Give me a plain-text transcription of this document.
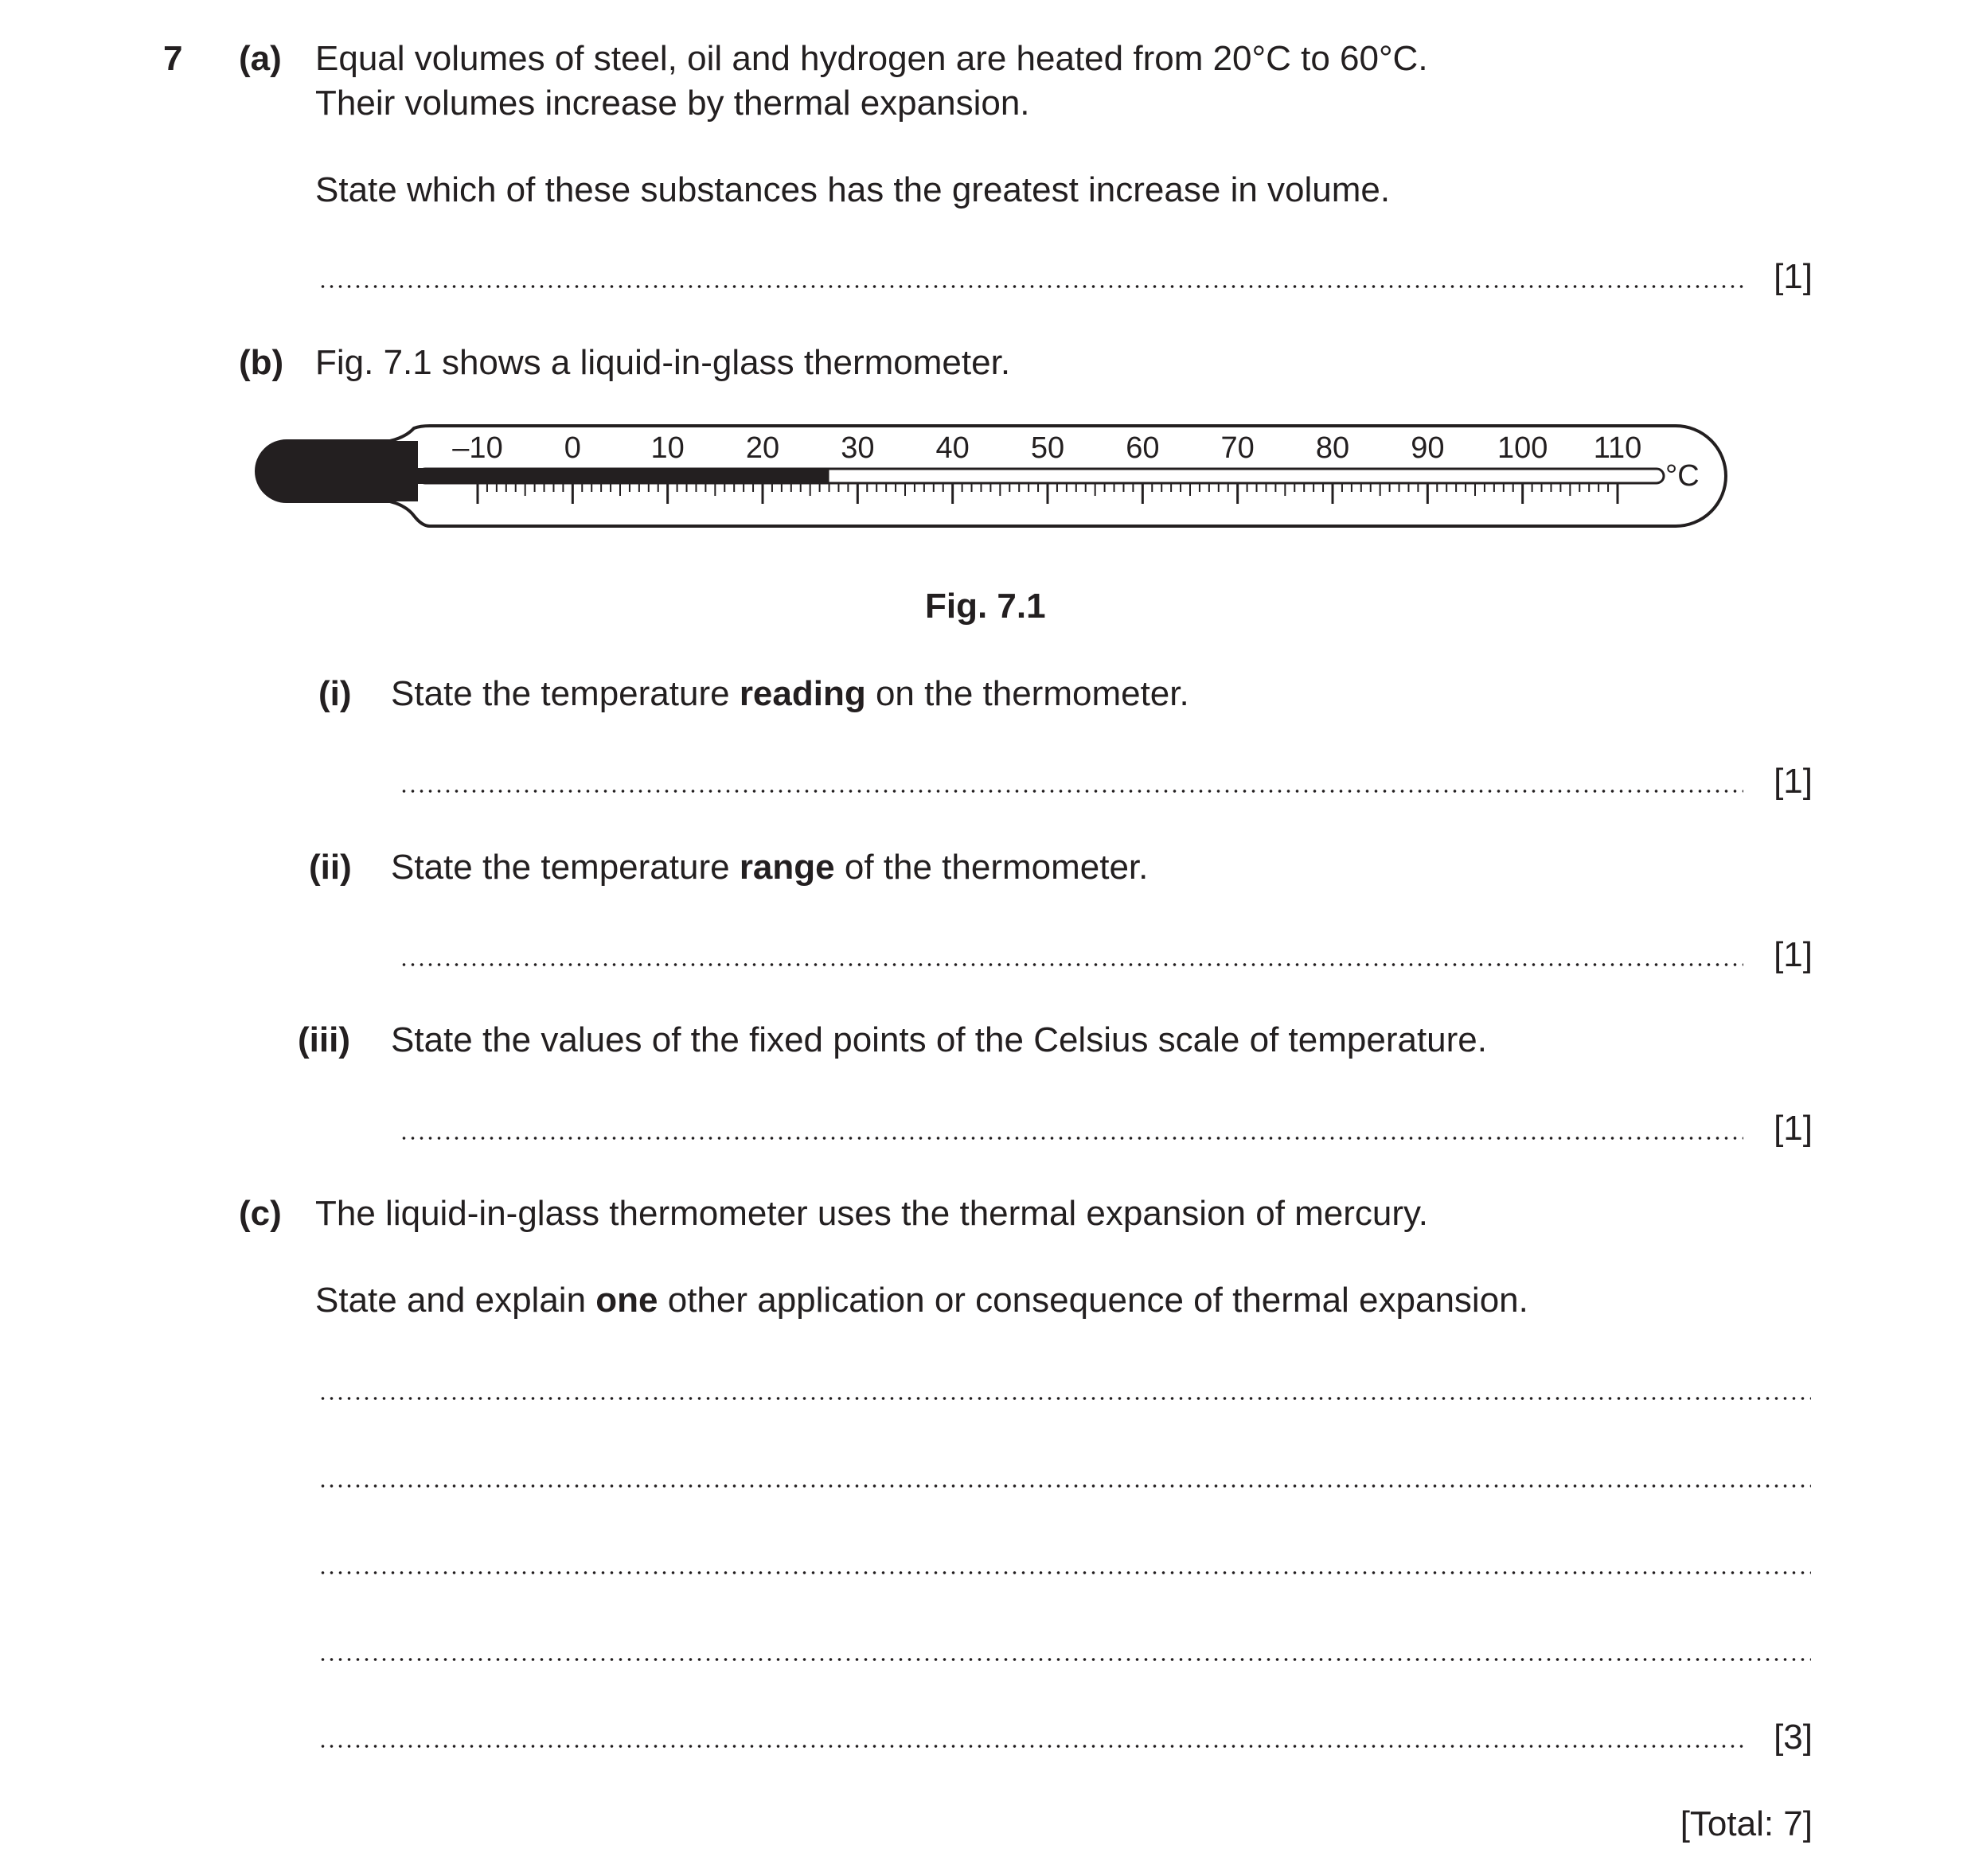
7 (a) Equal volumes of steel, oil and hydrogen are heated from 20°C to 60°C.
Their volumes increase by thermal expansion.
State which of these substances has the greatest increase in volume.
[1]
(b) Fig. 7.1 shows a liquid-in-glass thermometer.
–10 0 10 20 30 40 50 60 70 80 90 100 110
°C
Fig. 7.1
(i) State the temperature reading on the thermometer.
[1]
(ii) State the temperature range of the thermometer.
[1]
(iii) State the values of the fixed points of the Celsius scale of temperature.
[1]
(c) The liquid-in-glass thermometer uses the thermal expansion of mercury.
State and explain one other application or consequence of thermal expansion.
[3]
[Total: 7]
